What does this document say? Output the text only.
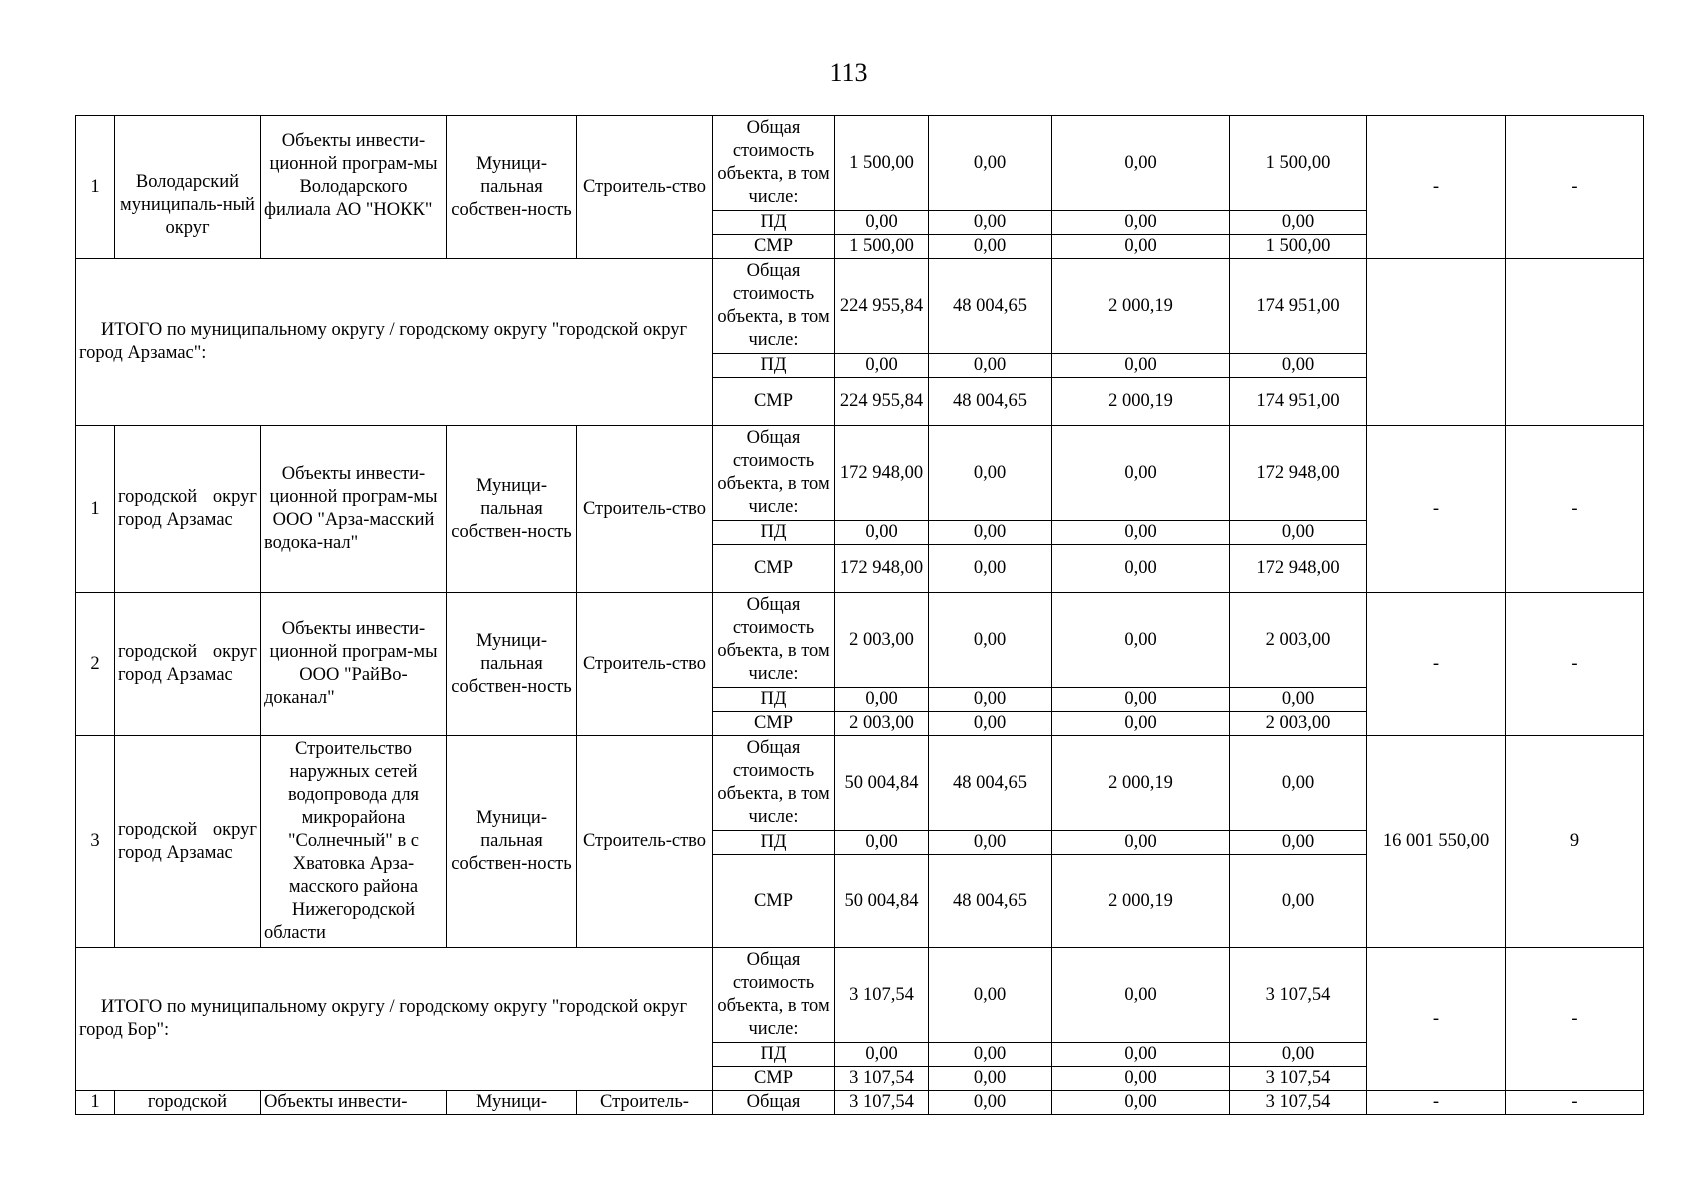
113
1	Володарский муниципаль-ный округ	Объекты инвести-ционной програм-мы Володарского филиала АО "НОКК"	Муници-пальная собствен-ность	Строитель-ство	Общая стоимость объекта, в том числе:	1 500,00	0,00	0,00	1 500,00	-	-
					ПД	0,00	0,00	0,00	0,00		
					СМР	1 500,00	0,00	0,00	1 500,00		
ИТОГО по муниципальному округу / городскому округу "городской округ город Арзамас":					Общая стоимость объекта, в том числе:	224 955,84	48 004,65	2 000,19	174 951,00		
					ПД	0,00	0,00	0,00	0,00		
					СМР	224 955,84	48 004,65	2 000,19	174 951,00		
1	городской округ город Арзамас	Объекты инвести-ционной програм-мы ООО "Арза-масский водока-нал"	Муници-пальная собствен-ность	Строитель-ство	Общая стоимость объекта, в том числе:	172 948,00	0,00	0,00	172 948,00	-	-
					ПД	0,00	0,00	0,00	0,00		
					СМР	172 948,00	0,00	0,00	172 948,00		
2	городской округ город Арзамас	Объекты инвести-ционной програм-мы ООО "РайВо-доканал"	Муници-пальная собствен-ность	Строитель-ство	Общая стоимость объекта, в том числе:	2 003,00	0,00	0,00	2 003,00	-	-
					ПД	0,00	0,00	0,00	0,00		
					СМР	2 003,00	0,00	0,00	2 003,00		
3	городской округ город Арзамас	Строительство наружных сетей водопровода для микрорайона "Солнечный" в с Хватовка Арза-масского района Нижегородской области	Муници-пальная собствен-ность	Строитель-ство	Общая стоимость объекта, в том числе:	50 004,84	48 004,65	2 000,19	0,00	16 001 550,00	9
					ПД	0,00	0,00	0,00	0,00		
					СМР	50 004,84	48 004,65	2 000,19	0,00		
ИТОГО по муниципальному округу / городскому округу "городской округ город Бор":					Общая стоимость объекта, в том числе:	3 107,54	0,00	0,00	3 107,54	-	-
					ПД	0,00	0,00	0,00	0,00		
					СМР	3 107,54	0,00	0,00	3 107,54		
1	городской	Объекты инвести-	Муници-	Строитель-	Общая	3 107,54	0,00	0,00	3 107,54	-	-
